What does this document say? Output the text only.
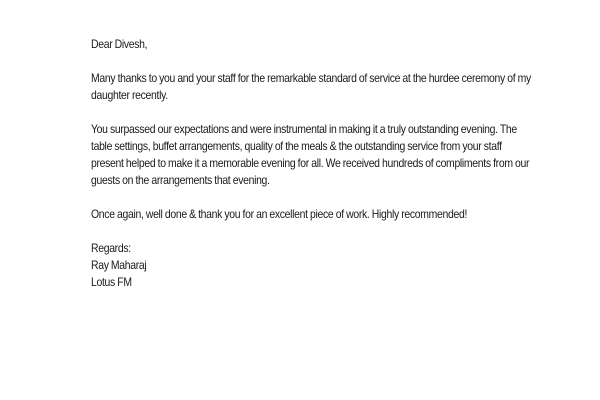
Dear Divesh,

Many thanks to you and your staff for the remarkable standard of service at the hurdee ceremony of my daughter recently.

You surpassed our expectations and were instrumental in making it a truly outstanding evening. The table settings, buffet arrangements, quality of the meals & the outstanding service from your staff present helped to make it a memorable evening for all. We received hundreds of compliments from our guests on the arrangements that evening.

Once again, well done & thank you for an excellent piece of work. Highly recommended!

Regards:
Ray Maharaj
Lotus FM
